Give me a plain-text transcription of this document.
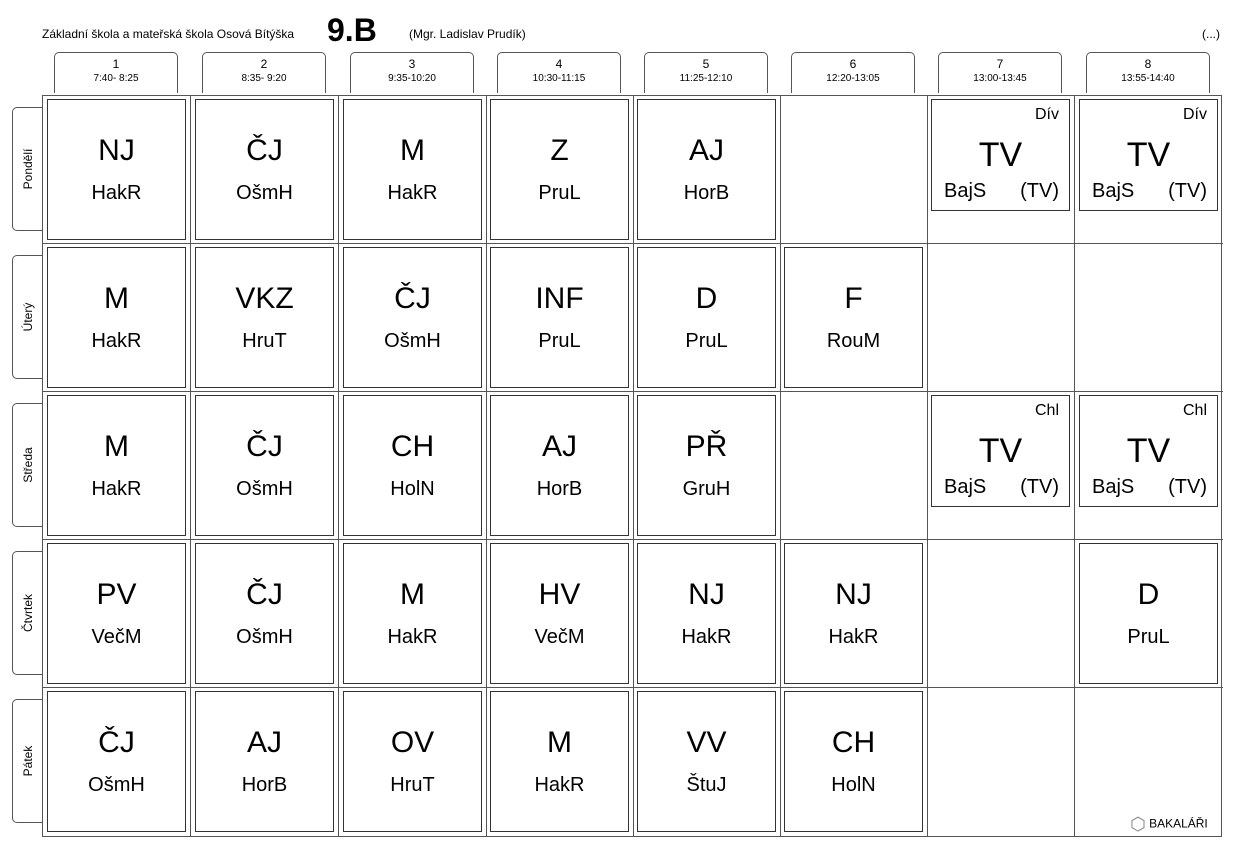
Základní škola a mateřská škola Osová Bítýška 9.B	(Mgr. Ladislav Prudík)	(...)
1
7:40- 8:25
2
8:35- 9:20
3
9:35-10:20
4
10:30-11:15
5
11:25-12:10
6
12:20-13:05
7
13:00-13:45
8
13:55-14:40
Pondělí
Úterý
Středa
Čtvrtek
Pátek
NJ
HakR
ČJ
OšmH
M
HakR
Z
PruL
AJ
HorB
Dív
TV
BajS (TV)
Dív
TV
BajS (TV)
M
HakR
VKZ
HruT
ČJ
OšmH
INF
PruL
D
PruL
F
RouM
M
HakR
ČJ
OšmH
CH
HolN
AJ
HorB
PŘ
GruH
Chl
TV
BajS (TV)
Chl
TV
BajS (TV)
PV
VečM
ČJ
OšmH
M
HakR
HV
VečM
NJ
HakR
NJ
HakR
D
PruL
ČJ
OšmH
AJ
HorB
OV
HruT
M
HakR
VV
ŠtuJ
CH
HolN
⬡ BAKALÁŘI
